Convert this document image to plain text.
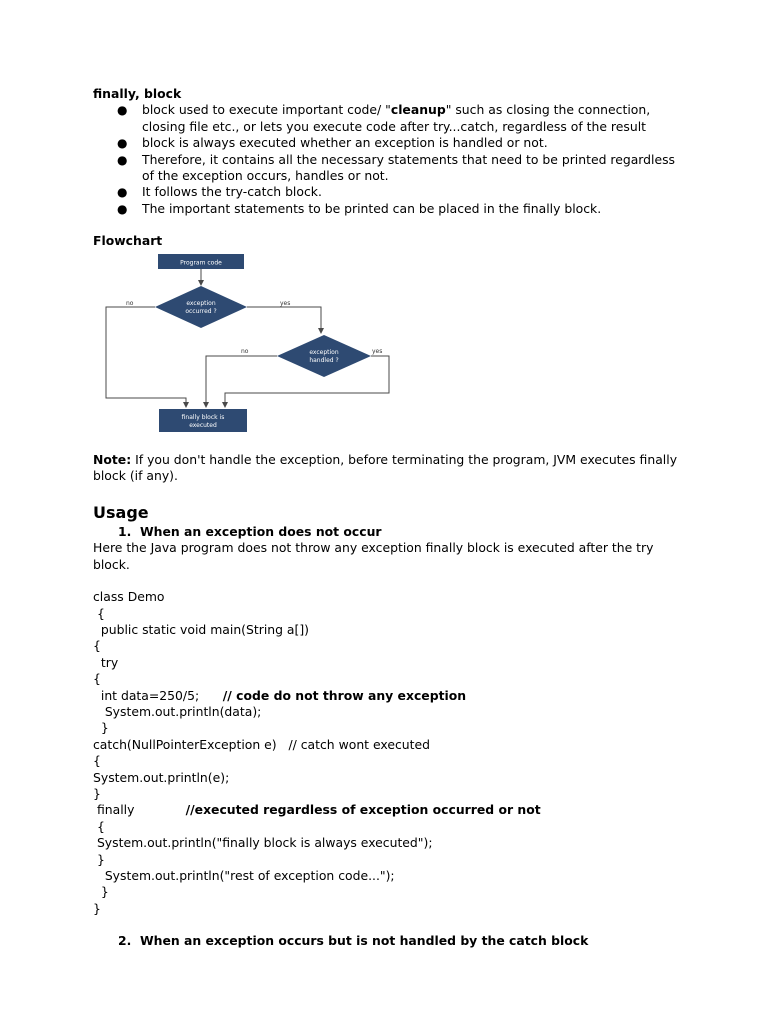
finally, block

● block used to execute important code/ "cleanup" such as closing the connection, closing file etc., or lets you execute code after try...catch, regardless of the result
● block is always executed whether an exception is handled or not.
● Therefore, it contains all the necessary statements that need to be printed regardless of the exception occurs, handles or not.
● It follows the try-catch block.
● The important statements to be printed can be placed in the finally block.

Flowchart

Program code
exception
occurred ?
no	yes
exception
handled ?
no	yes
finally block is
executed
Note: If you don't handle the exception, before terminating the program, JVM executes finally block (if any).
Usage
1. When an exception does not occur
Here the Java program does not throw any exception finally block is executed after the try block.
class Demo
{
public static void main(String a[])
{
try
{
int data=250/5;      // code do not throw any exception
System.out.println(data);
}
catch(NullPointerException e)   // catch wont executed
{
System.out.println(e);
}
finally             //executed regardless of exception occurred or not
{
System.out.println("finally block is always executed");
}
System.out.println("rest of exception code...");
}
}
2. When an exception occurs but is not handled by the catch block
